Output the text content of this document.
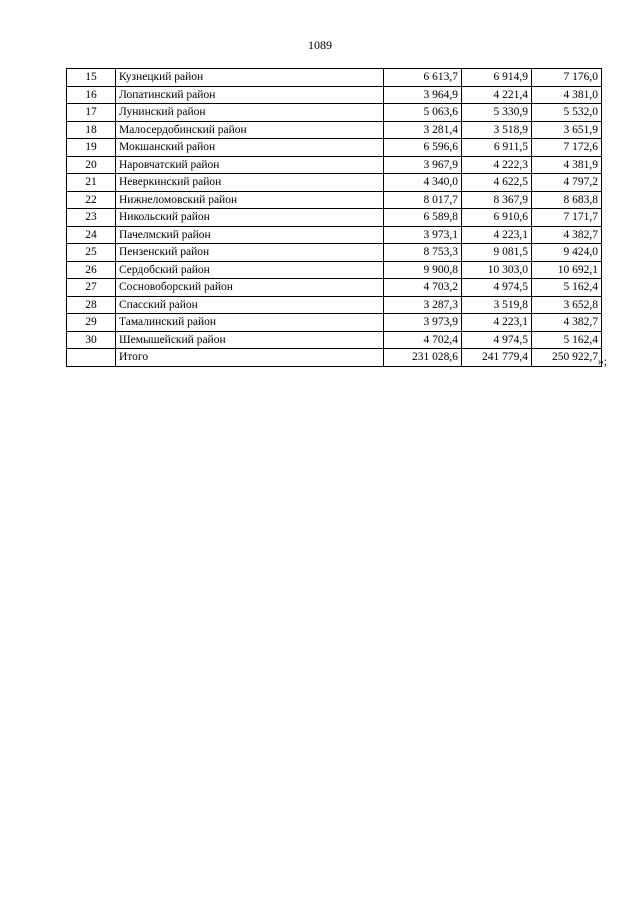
1089
15	Кузнецкий район	6 613,7	6 914,9	7 176,0
16	Лопатинский район	3 964,9	4 221,4	4 381,0
17	Лунинский район	5 063,6	5 330,9	5 532,0
18	Малосердобинский район	3 281,4	3 518,9	3 651,9
19	Мокшанский район	6 596,6	6 911,5	7 172,6
20	Наровчатский район	3 967,9	4 222,3	4 381,9
21	Неверкинский район	4 340,0	4 622,5	4 797,2
22	Нижнеломовский район	8 017,7	8 367,9	8 683,8
23	Никольский район	6 589,8	6 910,6	7 171,7
24	Пачелмский район	3 973,1	4 223,1	4 382,7
25	Пензенский район	8 753,3	9 081,5	9 424,0
26	Сердобский район	9 900,8	10 303,0	10 692,1
27	Сосновоборский район	4 703,2	4 974,5	5 162,4
28	Спасский район	3 287,3	3 519,8	3 652,8
29	Тамалинский район	3 973,9	4 223,1	4 382,7
30	Шемышейский район	4 702,4	4 974,5	5 162,4
	Итого	231 028,6	241 779,4	250 922,7 »;
